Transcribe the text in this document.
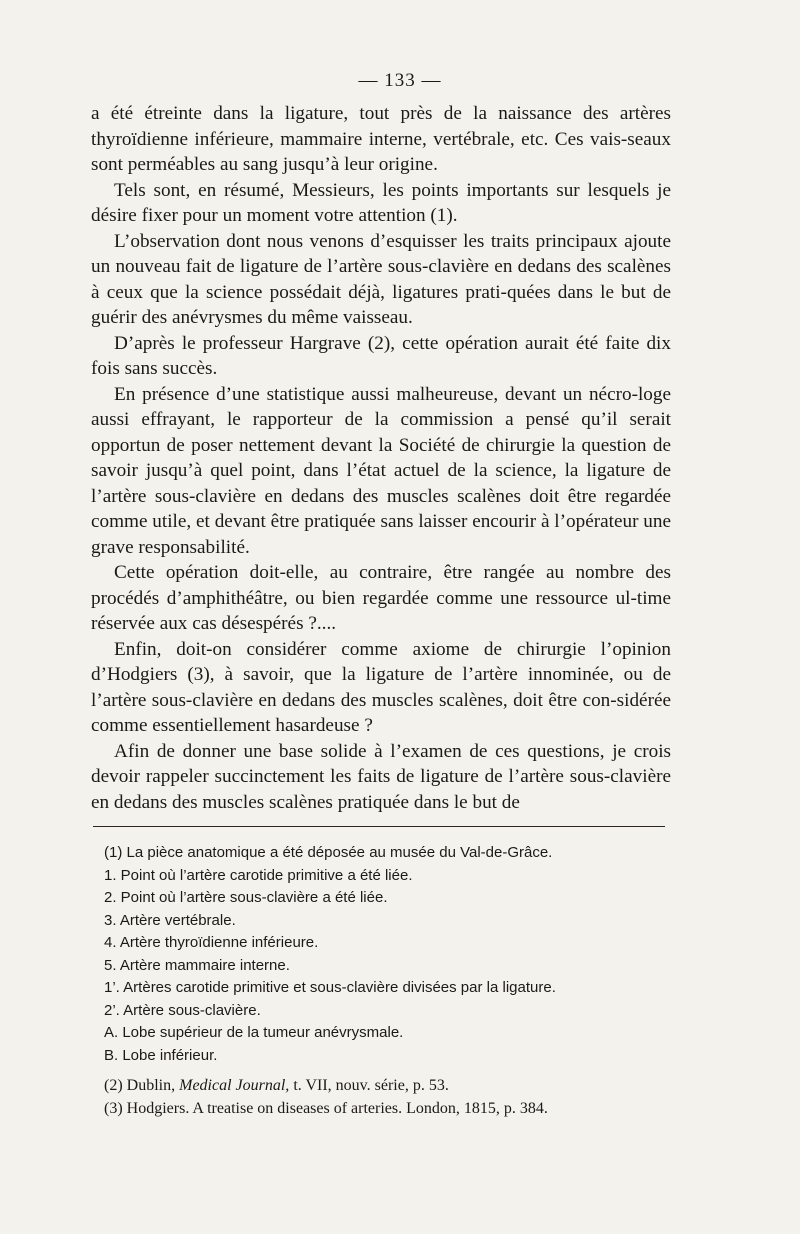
— 133 —

a été étreinte dans la ligature, tout près de la naissance des artères thyroïdienne inférieure, mammaire interne, vertébrale, etc. Ces vais-seaux sont perméables au sang jusqu’à leur origine.

Tels sont, en résumé, Messieurs, les points importants sur lesquels je désire fixer pour un moment votre attention (1).

L’observation dont nous venons d’esquisser les traits principaux ajoute un nouveau fait de ligature de l’artère sous-clavière en dedans des scalènes à ceux que la science possédait déjà, ligatures prati-quées dans le but de guérir des anévrysmes du même vaisseau.

D’après le professeur Hargrave (2), cette opération aurait été faite dix fois sans succès.

En présence d’une statistique aussi malheureuse, devant un nécro-loge aussi effrayant, le rapporteur de la commission a pensé qu’il serait opportun de poser nettement devant la Société de chirurgie la question de savoir jusqu’à quel point, dans l’état actuel de la science, la ligature de l’artère sous-clavière en dedans des muscles scalènes doit être regardée comme utile, et devant être pratiquée sans laisser encourir à l’opérateur une grave responsabilité.

Cette opération doit-elle, au contraire, être rangée au nombre des procédés d’amphithéâtre, ou bien regardée comme une ressource ul-time réservée aux cas désespérés ?....

Enfin, doit-on considérer comme axiome de chirurgie l’opinion d’Hodgiers (3), à savoir, que la ligature de l’artère innominée, ou de l’artère sous-clavière en dedans des muscles scalènes, doit être con-sidérée comme essentiellement hasardeuse ?

Afin de donner une base solide à l’examen de ces questions, je crois devoir rappeler succinctement les faits de ligature de l’artère sous-clavière en dedans des muscles scalènes pratiquée dans le but de

(1) La pièce anatomique a été déposée au musée du Val-de-Grâce.
1. Point où l’artère carotide primitive a été liée.
2. Point où l’artère sous-clavière a été liée.
3. Artère vertébrale.
4. Artère thyroïdienne inférieure.
5. Artère mammaire interne.
1’. Artères carotide primitive et sous-clavière divisées par la ligature.
2’. Artère sous-clavière.
A. Lobe supérieur de la tumeur anévrysmale.
B. Lobe inférieur.
(2) Dublin, Medical Journal, t. VII, nouv. série, p. 53.
(3) Hodgiers. A treatise on diseases of arteries. London, 1815, p. 384.
